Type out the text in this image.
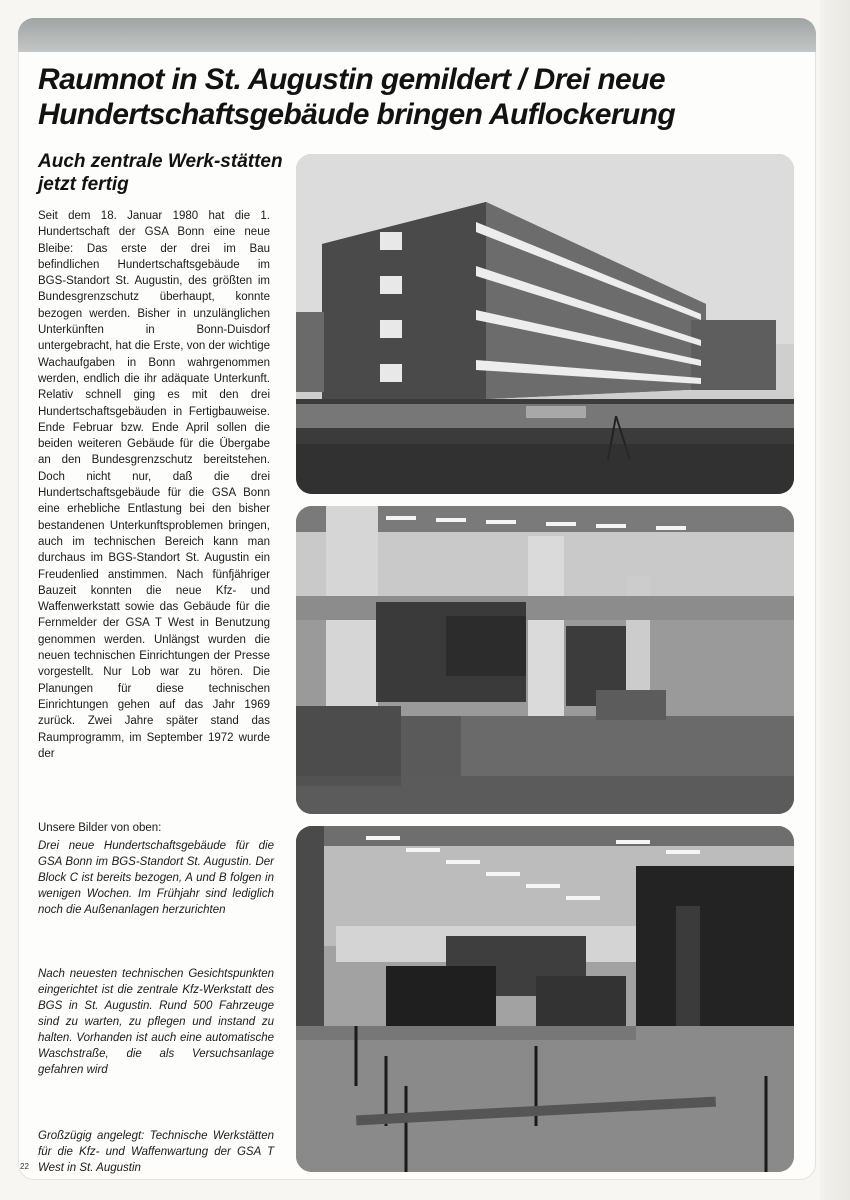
Raumnot in St. Augustin gemildert / Drei neue Hundertschaftsgebäude bringen Auflockerung
Auch zentrale Werk-stätten jetzt fertig

Seit dem 18. Januar 1980 hat die 1. Hundertschaft der GSA Bonn eine neue Bleibe: Das erste der drei im Bau befindlichen Hundertschaftsgebäude im BGS-Standort St. Augustin, des größten im Bundesgrenzschutz überhaupt, konnte bezogen werden. Bisher in unzulänglichen Unterkünften in Bonn-Duisdorf untergebracht, hat die Erste, von der wichtige Wachaufgaben in Bonn wahrgenommen werden, endlich die ihr adäquate Unterkunft. Relativ schnell ging es mit den drei Hundertschaftsgebäuden in Fertigbauweise. Ende Februar bzw. Ende April sollen die beiden weiteren Gebäude für die Übergabe an den Bundesgrenzschutz bereitstehen. Doch nicht nur, daß die drei Hundertschaftsgebäude für die GSA Bonn eine erhebliche Entlastung bei den bisher bestandenen Unterkunftsproblemen bringen, auch im technischen Bereich kann man durchaus im BGS-Standort St. Augustin ein Freudenlied anstimmen. Nach fünfjähriger Bauzeit konnten die neue Kfz- und Waffenwerkstatt sowie das Gebäude für die Fernmelder der GSA T West in Benutzung genommen werden. Unlängst wurden die neuen technischen Einrichtungen der Presse vorgestellt. Nur Lob war zu hören. Die Planungen für diese technischen Einrichtungen gehen auf das Jahr 1969 zurück. Zwei Jahre später stand das Raumprogramm, im September 1972 wurde der

Unsere Bilder von oben:

Drei neue Hundertschaftsgebäude für die GSA Bonn im BGS-Standort St. Augustin. Der Block C ist bereits bezogen, A und B folgen in wenigen Wochen. Im Frühjahr sind lediglich noch die Außenanlagen herzurichten

Nach neuesten technischen Gesichtspunkten eingerichtet ist die zentrale Kfz-Werkstatt des BGS in St. Augustin. Rund 500 Fahrzeuge sind zu warten, zu pflegen und instand zu halten. Vorhanden ist auch eine automatische Waschstraße, die als Versuchsanlage gefahren wird

Großzügig angelegt: Technische Werkstätten für die Kfz- und Waffenwartung der GSA T West in St. Augustin

22
